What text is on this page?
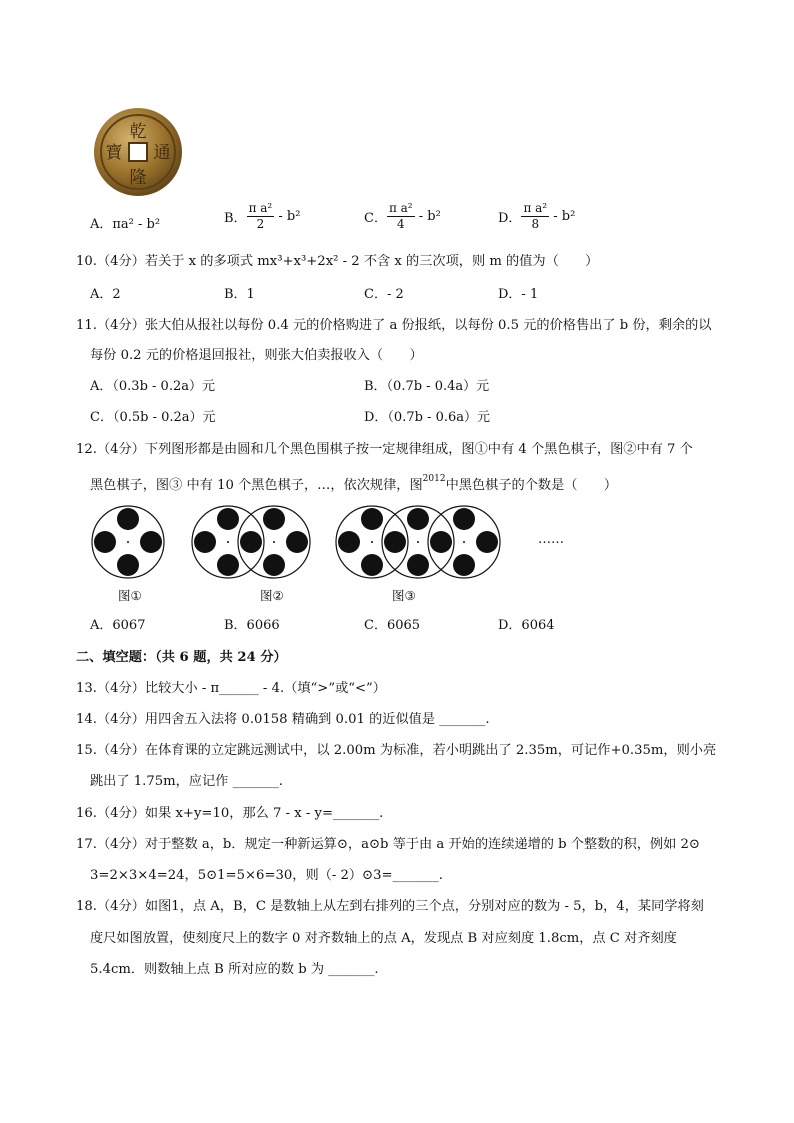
乾
隆
通
寶
A．πa² - b²	B． $\frac{\text{π a²}}{2} - b^2$	C． $\frac{\text{π a²}}{4} - b^2$	D． $\frac{\text{π a²}}{8} - b^2$
10.（4分）若关于 x 的多项式 mx³+x³+2x² - 2 不含 x 的三次项，则 m 的值为（　　）
A．2	B．1	C．- 2	D．- 1
11.（4分）张大伯从报社以每份 0.4 元的价格购进了 a 份报纸，以每份 0.5 元的价格售出了 b 份，剩余的以
每份 0.2 元的价格退回报社，则张大伯卖报收入（　　）
A．（0.3b - 0.2a）元	B．（0.7b - 0.4a）元
C．（0.5b - 0.2a）元	D．（0.7b - 0.6a）元
12.（4分）下列图形都是由圆和几个黑色围棋子按一定规律组成，图①中有 4 个黑色棋子，图②中有 7 个
黑色棋子，图③ 中有 10 个黑色棋子，…，依次规律，图$^{2012}$中黑色棋子的个数是（　　）
……
图①	图②	图③
A．6067	B．6066	C．6065	D．6064
二、填空题：（共 6 题，共 24 分）
13.（4分）比较大小 - π______ - 4.（填“>”或“<”）
14.（4分）用四舍五入法将 0.0158 精确到 0.01 的近似值是 _______.
15.（4分）在体育课的立定跳远测试中，以 2.00m 为标准，若小明跳出了 2.35m，可记作+0.35m，则小亮
跳出了 1.75m，应记作 _______.
16.（4分）如果 x+y=10，那么 7 - x - y=_______.
17.（4分）对于整数 a，b．规定一种新运算⊙，a⊙b 等于由 a 开始的连续递增的 b 个整数的积，例如 2⊙
3=2×3×4=24，5⊙1=5×6=30，则（- 2）⊙3=_______.
18.（4分）如图1，点 A，B，C 是数轴上从左到右排列的三个点，分别对应的数为 - 5，b，4，某同学将刻
度尺如图放置，使刻度尺上的数字 0 对齐数轴上的点 A，发现点 B 对应刻度 1.8cm，点 C 对齐刻度
5.4cm．则数轴上点 B 所对应的数 b 为 _______.
